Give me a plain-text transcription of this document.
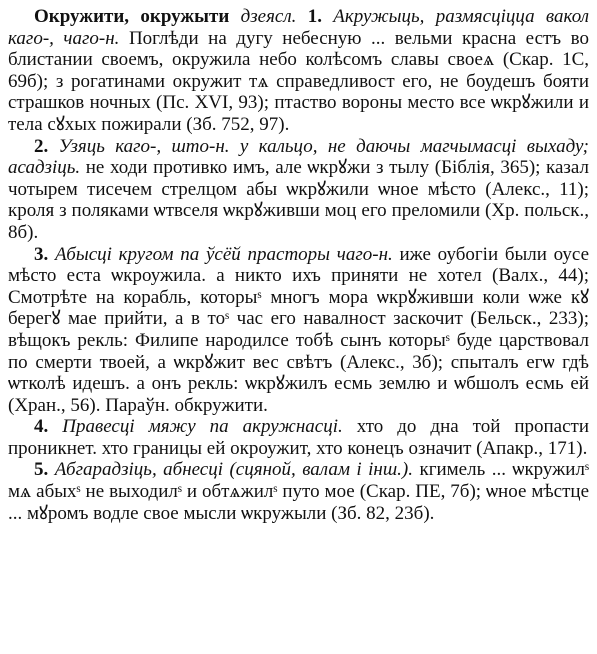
Окружити, окружыти дзеясл. 1. Акружыць, размясціцца вакол каго-, чаго-н. Поглѣди на дугу небесную ... вельми красна естъ во блистании своемъ, окружила небо колѣсомъ славы своеѧ (Скар. 1С, 69б); з рогатинами окружит тѧ справедливост его, не боудешъ бояти страшков ночных (Пс. XVI, 93); птаство вороны место все ѡкрꙋжили и тела сꙋхых пожирали (Зб. 752, 97).

2. Узяць каго-, што-н. у кальцо, не даючы магчымасці выхаду; асадзіць. не ходи противко имъ, але ѡкрꙋжи з тылу (Біблія, 365); казал чотырем тисечем стрелцом абы ѡкрꙋжили ѡное мѣсто (Алекс., 11); кроля з поляками ѡтвселя ѡкрꙋживши моц его преломили (Хр. польск., 8б).

3. Абысці кругом па ўсёй прасторы чаго-н. иже оубогіи были оусе мѣсто еста ѡкроужила. а никто ихъ приняти не хотел (Валх., 44); Смотрѣте на корабль, которыˢ многъ мора ѡкрꙋживши коли ѡже кꙋ берегꙋ мае прийти, а в тоˢ час его навалност заскочит (Бельск., 233); вѣщокъ рекль: Филипе народилсе тобѣ сынъ которыˢ буде царствовал по смерти твоей, а ѡкрꙋжит вес свѣтъ (Алекс., 3б); спыталъ егѡ гдѣ ѡтколѣ идешъ. а онъ рекль: ѡкрꙋжилъ есмь землю и ѡбшолъ есмь ей (Хран., 56). Параўн. обкружити.

4. Правесці мяжу па акружнасці. хто до дна той пропасти проникнет. хто границы ей окроужит, хто конецъ означит (Апакр., 171).

5. Абгарадзіць, абнесці (сцяной, валам і інш.). кгимель ... ѡкружилˢ мѧ абыхˢ не выходилˢ и обтѧжилˢ путо мое (Скар. ПЕ, 7б); ѡное мѣстце ... мꙋромъ водле свое мысли ѡкружыли (Зб. 82, 23б).
